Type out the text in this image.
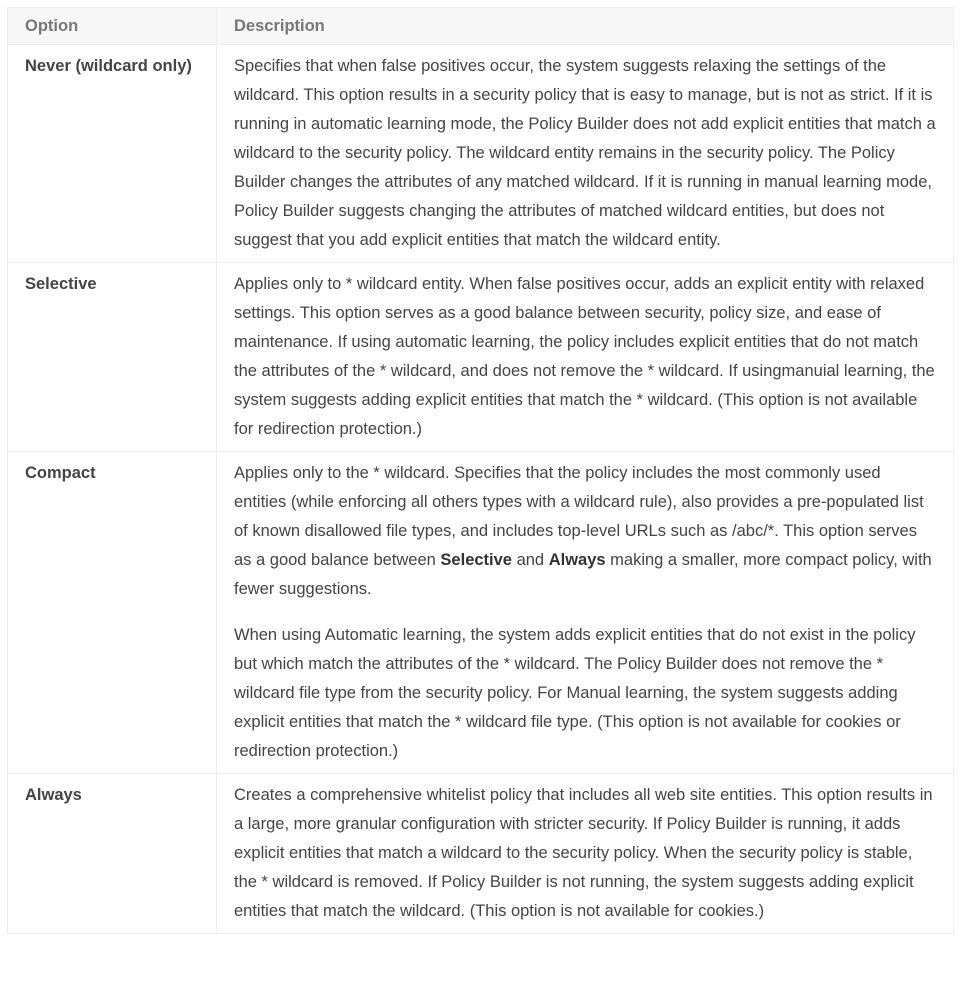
Option	Description
Never (wildcard only)	Specifies that when false positives occur, the system suggests relaxing the settings of the wildcard. This option results in a security policy that is easy to manage, but is not as strict. If it is running in automatic learning mode, the Policy Builder does not add explicit entities that match a wildcard to the security policy. The wildcard entity remains in the security policy. The Policy Builder changes the attributes of any matched wildcard. If it is running in manual learning mode, Policy Builder suggests changing the attributes of matched wildcard entities, but does not suggest that you add explicit entities that match the wildcard entity.

Selective	Applies only to * wildcard entity. When false positives occur, adds an explicit entity with relaxed settings. This option serves as a good balance between security, policy size, and ease of maintenance. If using automatic learning, the policy includes explicit entities that do not match the attributes of the * wildcard, and does not remove the * wildcard. If usingmanuial learning, the system suggests adding explicit entities that match the * wildcard. (This option is not available for redirection protection.)

Compact	Applies only to the * wildcard. Specifies that the policy includes the most commonly used entities (while enforcing all others types with a wildcard rule), also provides a pre-populated list of known disallowed file types, and includes top-level URLs such as /abc/*. This option serves as a good balance between Selective and Always making a smaller, more compact policy, with fewer suggestions.

When using Automatic learning, the system adds explicit entities that do not exist in the policy but which match the attributes of the * wildcard. The Policy Builder does not remove the * wildcard file type from the security policy. For Manual learning, the system suggests adding explicit entities that match the * wildcard file type. (This option is not available for cookies or redirection protection.)

Always	Creates a comprehensive whitelist policy that includes all web site entities. This option results in a large, more granular configuration with stricter security. If Policy Builder is running, it adds explicit entities that match a wildcard to the security policy. When the security policy is stable, the * wildcard is removed. If Policy Builder is not running, the system suggests adding explicit entities that match the wildcard. (This option is not available for cookies.)
